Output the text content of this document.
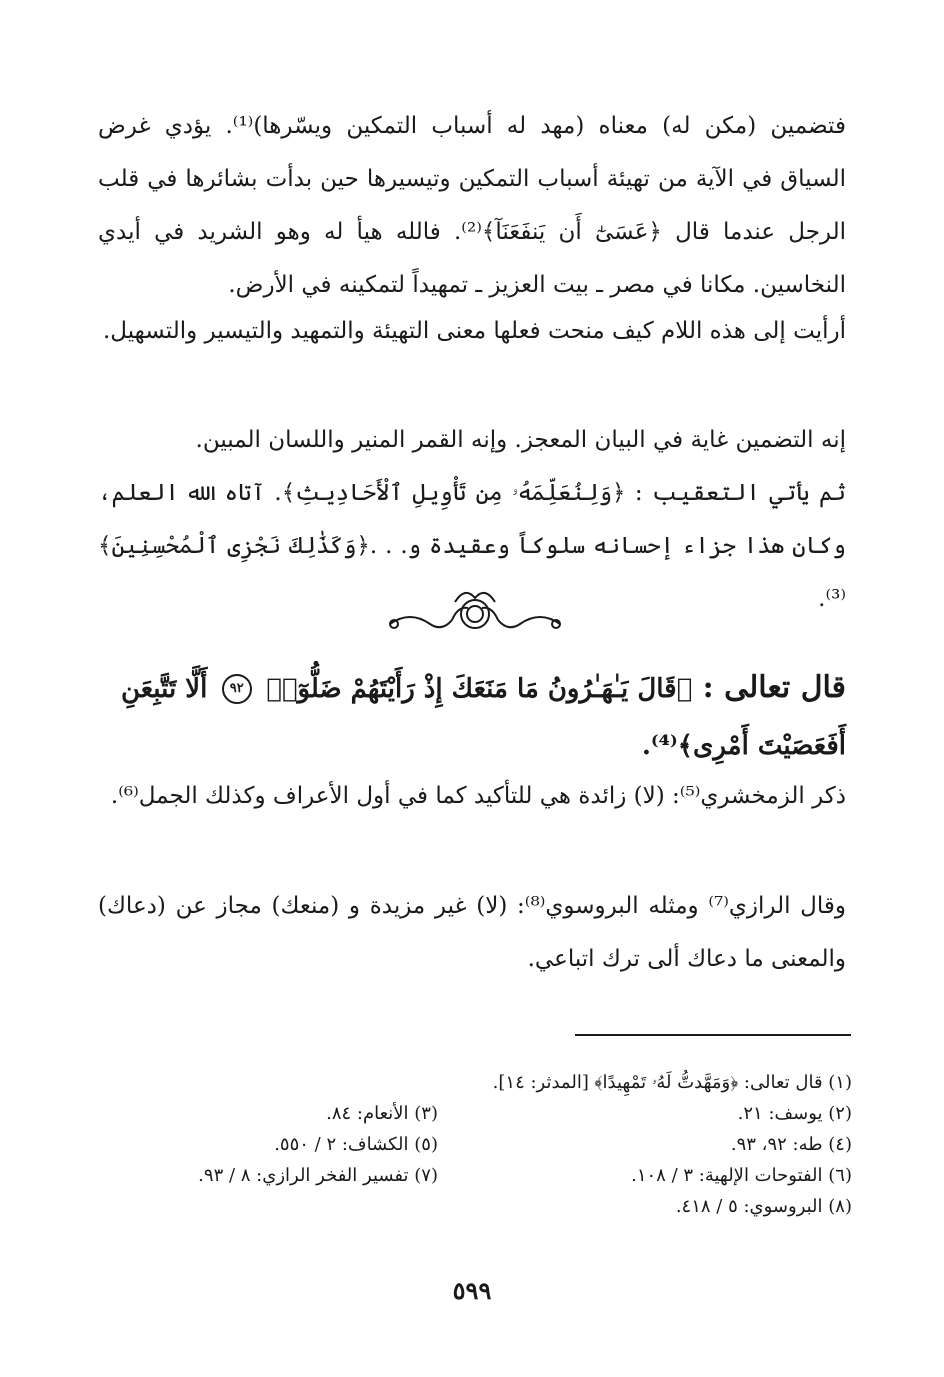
فتضمين (مكن له) معناه (مهد له أسباب التمكين ويسّرها)⁽¹⁾. يؤدي غرض السياق في الآية من تهيئة أسباب التمكين وتيسيرها حين بدأت بشائرها في قلب الرجل عندما قال ﴿عَسَىٰٓ أَن يَنفَعَنَآ﴾⁽²⁾. فالله هيأ له وهو الشريد في أيدي النخاسين. مكانا في مصر ـ بيت العزيز ـ تمهيداً لتمكينه في الأرض.

أرأيت إلى هذه اللام كيف منحت فعلها معنى التهيئة والتمهيد والتيسير والتسهيل.

إنه التضمين غاية في البيان المعجز. وإنه القمر المنير واللسان المبين.

ثم يأتي التعقيب : ﴿وَلِنُعَلِّمَهُۥ مِن تَأْوِيلِ ٱلْأَحَادِيثِ﴾. آتاه الله العلم، وكان هذا جزاء إحسانه سلوكاً وعقيدة و. . .﴿وَكَذَٰلِكَ نَجْزِى ٱلْمُحْسِنِينَ﴾⁽³⁾.

قال تعالى : ﴿قَالَ يَـٰهَـٰرُونُ مَا مَنَعَكَ إِذْ رَأَيْتَهُمْ ضَلُّوٓا۟ ٩٢ أَلَّا تَتَّبِعَنِ أَفَعَصَيْتَ أَمْرِى﴾⁽⁴⁾.

ذكر الزمخشري⁽⁵⁾: (لا) زائدة هي للتأكيد كما في أول الأعراف وكذلك الجمل⁽⁶⁾.

وقال الرازي⁽⁷⁾ ومثله البروسوي⁽⁸⁾: (لا) غير مزيدة و (منعك) مجاز عن (دعاك) والمعنى ما دعاك ألى ترك اتباعي.

(١) قال تعالى: ﴿وَمَهَّدتُّ لَهُۥ تَمْهِيدًا﴾ [المدثر: ١٤].

(٢) يوسف: ٢١.

(٣) الأنعام: ٨٤.

(٤) طه: ٩٢، ٩٣.

(٥) الكشاف: ٢ / ٥٥٠.

(٦) الفتوحات الإلهية: ٣ / ١٠٨.

(٧) تفسير الفخر الرازي: ٨ / ٩٣.

(٨) البروسوي: ٥ / ٤١٨.

٥٩٩
